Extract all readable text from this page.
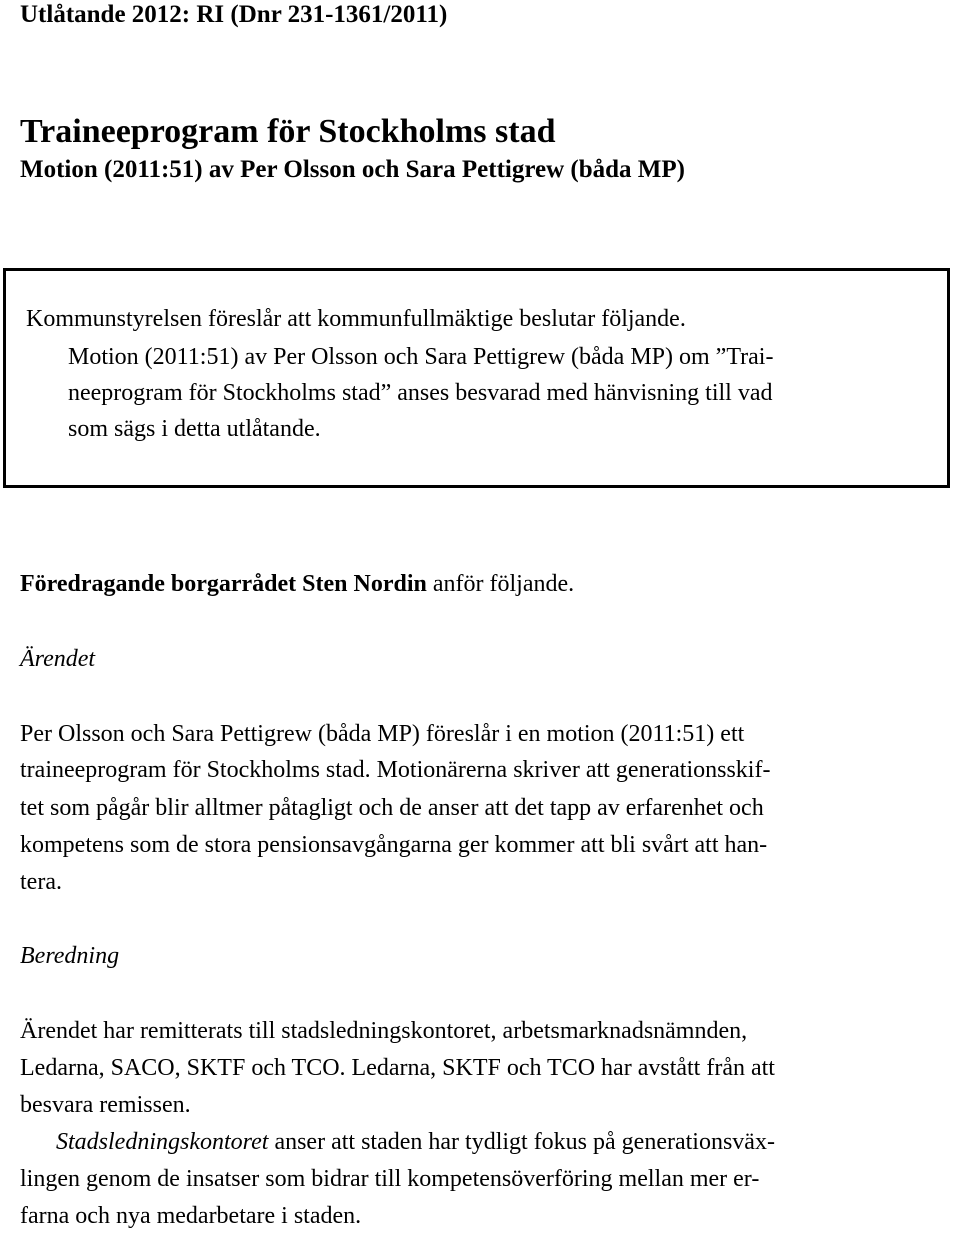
Utlåtande 2012: RI (Dnr 231-1361/2011)
Traineeprogram för Stockholms stad
Motion (2011:51) av Per Olsson och Sara Pettigrew (båda MP)
Kommunstyrelsen föreslår att kommunfullmäktige beslutar följande.
Motion (2011:51) av Per Olsson och Sara Pettigrew (båda MP) om ”Trai-
neeprogram för Stockholms stad” anses besvarad med hänvisning till vad
som sägs i detta utlåtande.
Föredragande borgarrådet Sten Nordin anför följande.
Ärendet
Per Olsson och Sara Pettigrew (båda MP) föreslår i en motion (2011:51) ett
traineeprogram för Stockholms stad. Motionärerna skriver att generationsskif-
tet som pågår blir alltmer påtagligt och de anser att det tapp av erfarenhet och
kompetens som de stora pensionsavgångarna ger kommer att bli svårt att han-
tera.
Beredning
Ärendet har remitterats till stadsledningskontoret, arbetsmarknadsnämnden,
Ledarna, SACO, SKTF och TCO. Ledarna, SKTF och TCO har avstått från att
besvara remissen.
Stadsledningskontoret anser att staden har tydligt fokus på generationsväx-
lingen genom de insatser som bidrar till kompetensöverföring mellan mer er-
farna och nya medarbetare i staden.
